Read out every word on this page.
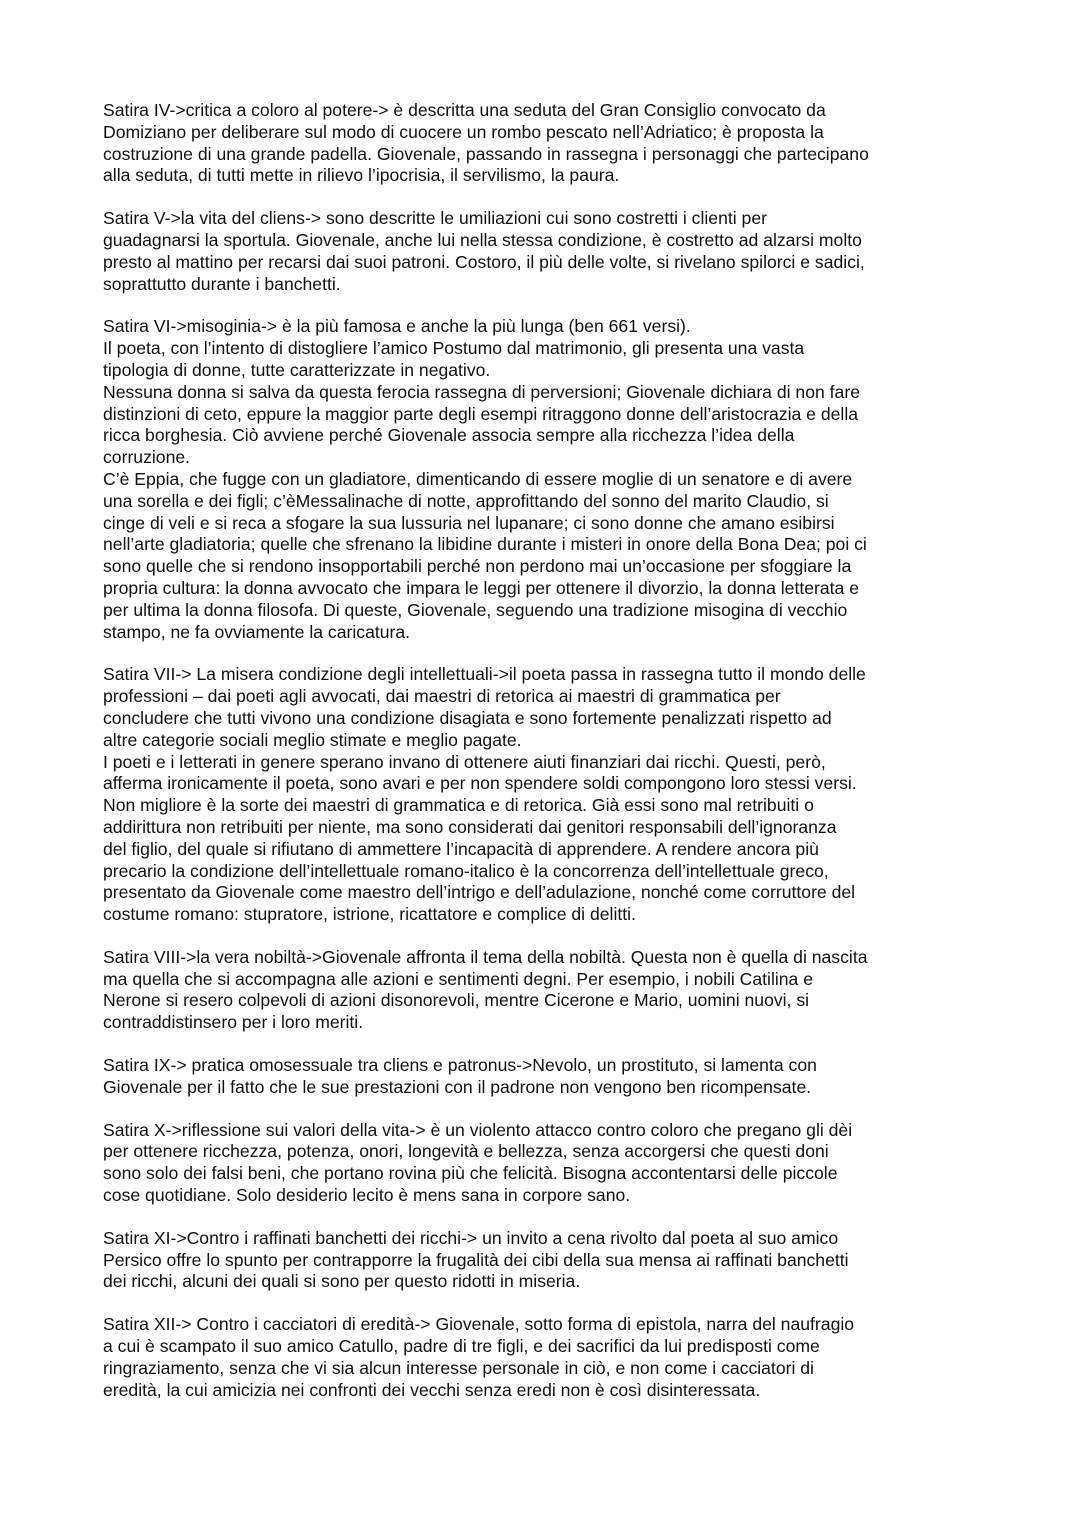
Satira IV->critica a coloro al potere-> è descritta una seduta del Gran Consiglio convocato da
Domiziano per deliberare sul modo di cuocere un rombo pescato nell’Adriatico; è proposta la
costruzione di una grande padella. Giovenale, passando in rassegna i personaggi che partecipano
alla seduta, di tutti mette in rilievo l’ipocrisia, il servilismo, la paura.
Satira V->la vita del cliens-> sono descritte le umiliazioni cui sono costretti i clienti per
guadagnarsi la sportula. Giovenale, anche lui nella stessa condizione, è costretto ad alzarsi molto
presto al mattino per recarsi dai suoi patroni. Costoro, il più delle volte, si rivelano spilorci e sadici,
soprattutto durante i banchetti.
Satira VI->misoginia-> è la più famosa e anche la più lunga (ben 661 versi).
Il poeta, con l’intento di distogliere l’amico Postumo dal matrimonio, gli presenta una vasta
tipologia di donne, tutte caratterizzate in negativo.
Nessuna donna si salva da questa ferocia rassegna di perversioni; Giovenale dichiara di non fare
distinzioni di ceto, eppure la maggior parte degli esempi ritraggono donne dell’aristocrazia e della
ricca borghesia. Ciò avviene perché Giovenale associa sempre alla ricchezza l’idea della
corruzione.
C’è Eppia, che fugge con un gladiatore, dimenticando di essere moglie di un senatore e di avere
una sorella e dei figli; c’èMessalinache di notte, approfittando del sonno del marito Claudio, si
cinge di veli e si reca a sfogare la sua lussuria nel lupanare; ci sono donne che amano esibirsi
nell’arte gladiatoria; quelle che sfrenano la libidine durante i misteri in onore della Bona Dea; poi ci
sono quelle che si rendono insopportabili perché non perdono mai un’occasione per sfoggiare la
propria cultura: la donna avvocato che impara le leggi per ottenere il divorzio, la donna letterata e
per ultima la donna filosofa. Di queste, Giovenale, seguendo una tradizione misogina di vecchio
stampo, ne fa ovviamente la caricatura.
Satira VII-> La misera condizione degli intellettuali->il poeta passa in rassegna tutto il mondo delle
professioni – dai poeti agli avvocati, dai maestri di retorica ai maestri di grammatica per
concludere che tutti vivono una condizione disagiata e sono fortemente penalizzati rispetto ad
altre categorie sociali meglio stimate e meglio pagate.
I poeti e i letterati in genere sperano invano di ottenere aiuti finanziari dai ricchi. Questi, però,
afferma ironicamente il poeta, sono avari e per non spendere soldi compongono loro stessi versi.
Non migliore è la sorte dei maestri di grammatica e di retorica. Già essi sono mal retribuiti o
addirittura non retribuiti per niente, ma sono considerati dai genitori responsabili dell’ignoranza
del figlio, del quale si rifiutano di ammettere l’incapacità di apprendere. A rendere ancora più
precario la condizione dell’intellettuale romano-italico è la concorrenza dell’intellettuale greco,
presentato da Giovenale come maestro dell’intrigo e dell’adulazione, nonché come corruttore del
costume romano: stupratore, istrione, ricattatore e complice di delitti.
Satira VIII->la vera nobiltà->Giovenale affronta il tema della nobiltà. Questa non è quella di nascita
ma quella che si accompagna alle azioni e sentimenti degni. Per esempio, i nobili Catilina e
Nerone si resero colpevoli di azioni disonorevoli, mentre Cicerone e Mario, uomini nuovi, si
contraddistinsero per i loro meriti.
Satira IX-> pratica omosessuale tra cliens e patronus->Nevolo, un prostituto, si lamenta con
Giovenale per il fatto che le sue prestazioni con il padrone non vengono ben ricompensate.
Satira X->riflessione sui valori della vita-> è un violento attacco contro coloro che pregano gli dèi
per ottenere ricchezza, potenza, onori, longevità e bellezza, senza accorgersi che questi doni
sono solo dei falsi beni, che portano rovina più che felicità. Bisogna accontentarsi delle piccole
cose quotidiane. Solo desiderio lecito è mens sana in corpore sano.
Satira XI->Contro i raffinati banchetti dei ricchi-> un invito a cena rivolto dal poeta al suo amico
Persico offre lo spunto per contrapporre la frugalità dei cibi della sua mensa ai raffinati banchetti
dei ricchi, alcuni dei quali si sono per questo ridotti in miseria.
Satira XII-> Contro i cacciatori di eredità-> Giovenale, sotto forma di epistola, narra del naufragio
a cui è scampato il suo amico Catullo, padre di tre figli, e dei sacrifici da lui predisposti come
ringraziamento, senza che vi sia alcun interesse personale in ciò, e non come i cacciatori di
eredità, la cui amicizia nei confronti dei vecchi senza eredi non è così disinteressata.
